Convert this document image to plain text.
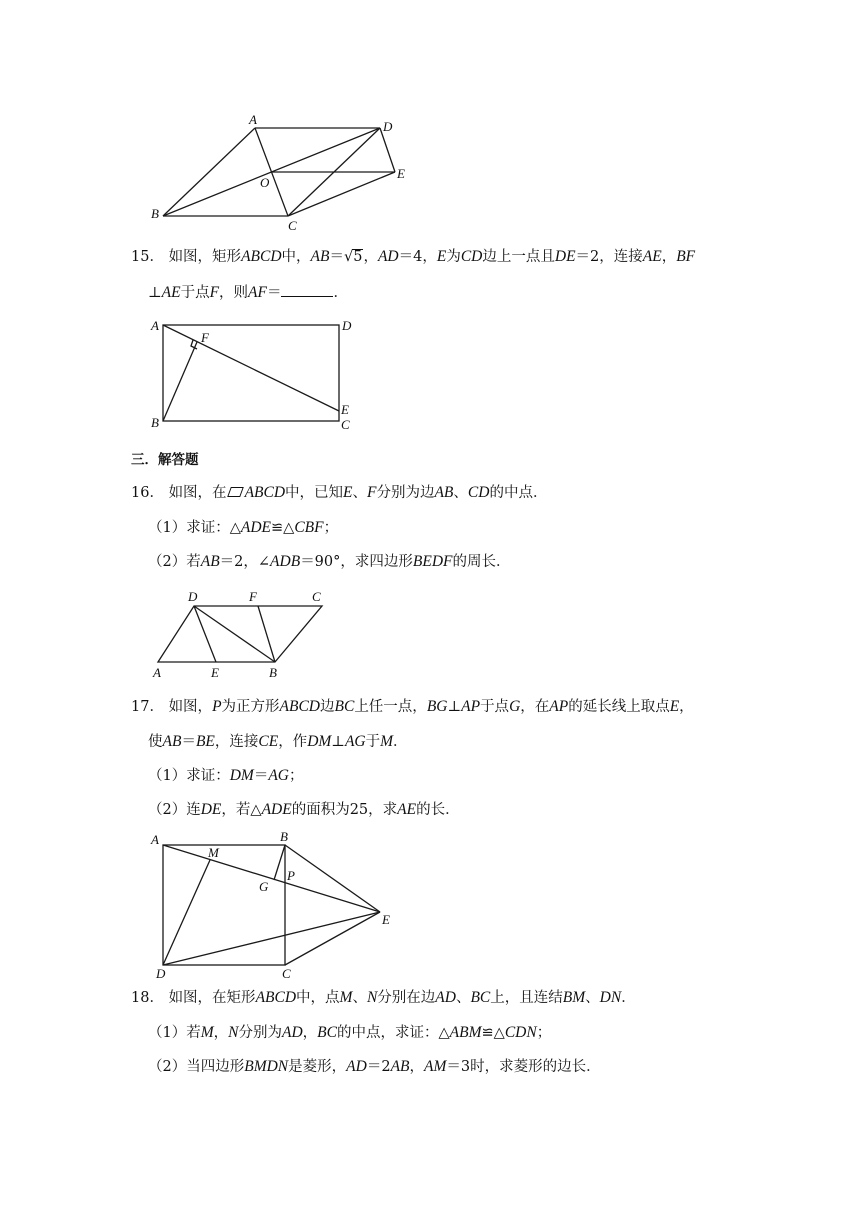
A	D
O
E
B
C
15． 如图，矩形ABCD中，AB＝√5，AD＝4，E为CD边上一点且DE＝2，连接AE，BF
⊥AE于点F，则AF＝	．
A
F
D
E
B	C
三．解答题
16． 如图，在 ABCD中，已知E、F分别为边AB、CD的中点．
（1）求证：△ADE≌△CBF；
（2）若AB＝2，∠ADB＝90°，求四边形BEDF的周长．
D	F	C
A	E	B
17． 如图，P为正方形ABCD边BC上任一点，BG⊥AP于点G，在AP的延长线上取点E，
使AB＝BE，连接CE，作DM⊥AG于M．
（1）求证：DM＝AG；
（2）连DE，若△ADE的面积为25，求AE的长．
A
M
B
P
G
E
D	C
18． 如图，在矩形ABCD中，点M、N分别在边AD、BC上，且连结BM、DN．
（1）若M，N分别为AD，BC的中点，求证：△ABM≌△CDN；
（2）当四边形BMDN是菱形，AD＝2AB，AM＝3时，求菱形的边长．
